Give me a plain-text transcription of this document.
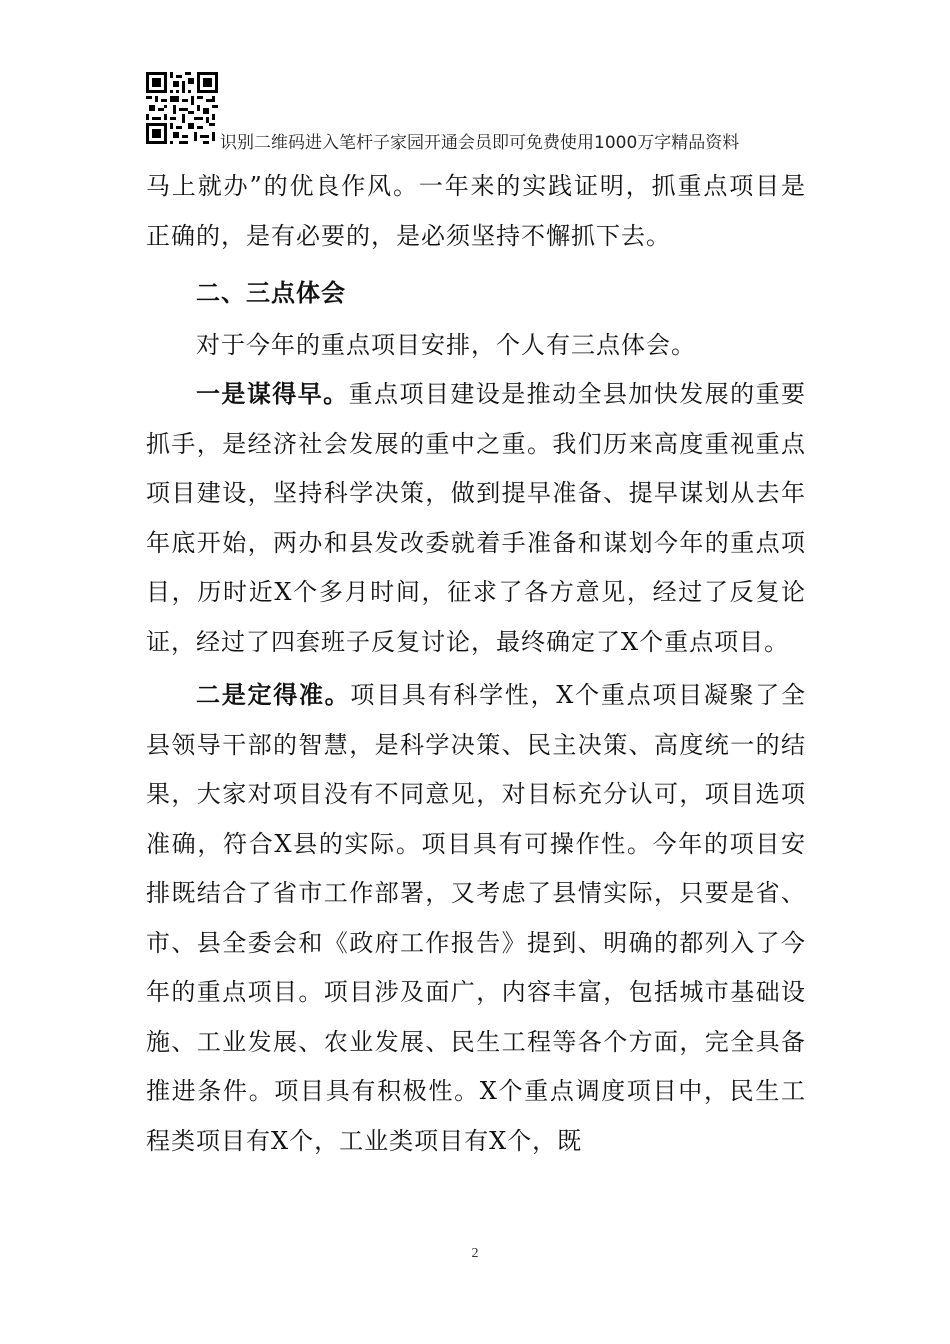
识别二维码进入笔杆子家园开通会员即可免费使用1000万字精品资料

马上就办”的优良作风。一年来的实践证明，抓重点项目是正确的，是有必要的，是必须坚持不懈抓下去。

二、三点体会

对于今年的重点项目安排，个人有三点体会。

一是谋得早。重点项目建设是推动全县加快发展的重要抓手，是经济社会发展的重中之重。我们历来高度重视重点项目建设，坚持科学决策，做到提早准备、提早谋划从去年年底开始，两办和县发改委就着手准备和谋划今年的重点项目，历时近X个多月时间，征求了各方意见，经过了反复论证，经过了四套班子反复讨论，最终确定了X个重点项目。

二是定得准。项目具有科学性，X个重点项目凝聚了全县领导干部的智慧，是科学决策、民主决策、高度统一的结果，大家对项目没有不同意见，对目标充分认可，项目选项准确，符合X县的实际。项目具有可操作性。今年的项目安排既结合了省市工作部署，又考虑了县情实际，只要是省、市、县全委会和《政府工作报告》提到、明确的都列入了今年的重点项目。项目涉及面广，内容丰富，包括城市基础设施、工业发展、农业发展、民生工程等各个方面，完全具备推进条件。项目具有积极性。X个重点调度项目中，民生工程类项目有X个，工业类项目有X个，既

2
